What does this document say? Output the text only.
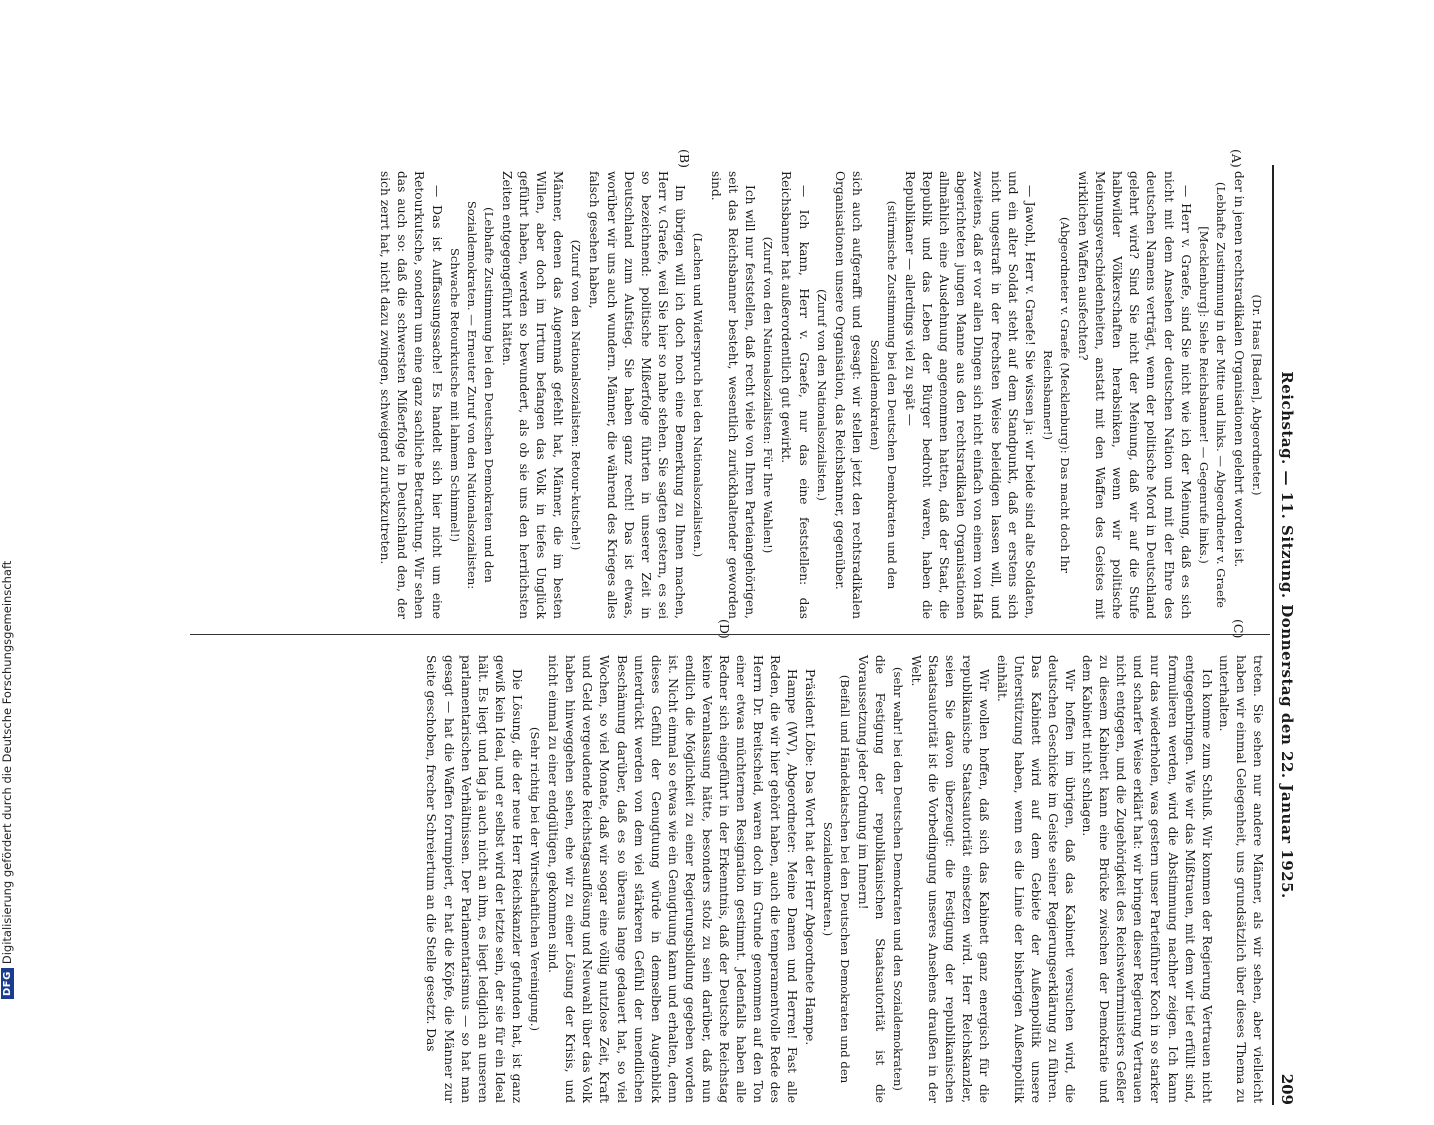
Reichstag. — 11. Sitzung. Donnerstag den 22. Januar 1925.
209
(A)
(B)
(C)
(D)

(Dr. Haas [Baden], Abgeordneter.)

der in jenen rechtsradikalen Organisationen gelehrt worden ist.

(Lebhafte Zustimmung in der Mitte und links. — Abgeordneter v. Graefe [Mecklenburg]: Siehe Reichsbanner! — Gegenrufe links.)

— Herr v. Graefe, sind Sie nicht wie ich der Meinung, daß es sich nicht mit dem Ansehen der deutschen Nation und mit der Ehre des deutschen Namens verträgt, wenn der politische Mord in Deutschland gelehrt wird? Sind Sie nicht der Meinung, daß wir auf die Stufe halbwilder Völkerschaften herabsinken, wenn wir politische Meinungsverschiedenheiten, anstatt mit den Waffen des Geistes mit wirklichen Waffen ausfechten?

(Abgeordneter v. Graefe (Mecklenburg): Das macht doch Ihr Reichsbanner!)

— Jawohl, Herr v. Graefe! Sie wissen ja: wir beide sind alte Soldaten, und ein alter Soldat steht auf dem Standpunkt, daß er erstens sich nicht ungestraft in der frechsten Weise beleidigen lassen will, und zweitens, daß er vor allen Dingen sich nicht einfach von einem von Haß abgerichteten jungen Manne aus den rechtsradikalen Organisationen allmählich eine Ausdehnung angenommen hatten, daß der Staat, die Republik und das Leben der Bürger bedroht waren, haben die Republikaner — allerdings viel zu spät —

(stürmische Zustimmung bei den Deutschen Demokraten und den Sozialdemokraten)

sich auch aufgerafft und gesagt: wir stellen jetzt den rechtsradikalen Organisationen unsere Organisation, das Reichsbanner, gegenüber.

(Zuruf von den Nationalsozialisten.)

— Ich kann, Herr v. Graefe, nur das eine feststellen: das Reichsbanner hat außerordentlich gut gewirkt.

(Zuruf von den Nationalsozialisten: Für Ihre Wahlen!)

Ich will nur feststellen, daß recht viele von Ihren Parteiangehörigen, seit das Reichsbanner besteht, wesentlich zurückhaltender geworden sind.

(Lachen und Widerspruch bei den Nationalsozialisten.)

Im übrigen will ich doch noch eine Bemerkung zu Ihnen machen, Herr v. Graefe, weil Sie hier so nahe stehen. Sie sagten gestern, es sei so bezeichnend: politische Mißerfolge führten in unserer Zeit in Deutschland zum Aufstieg. Sie haben ganz recht! Das ist etwas, worüber wir uns auch wundern. Männer, die während des Krieges alles falsch gesehen haben,

(Zuruf von den Nationalsozialisten: Retour-kutsche!)

Männer, denen das Augenmaß gefehlt hat, Männer, die im besten Willen, aber doch im Irrtum befangen das Volk in tiefes Unglück geführt haben, werden so bewundert, als ob sie uns den herrlichsten Zeiten entgegengeführt hätten.

(Lebhafte Zustimmung bei den Deutschen Demokraten und den Sozialdemokraten. — Erneuter Zuruf von den Nationalsozialisten: Schwache Retourkutsche mit lahmem Schimmel!)

— Das ist Auffassungssache! Es handelt sich hier nicht um eine Retourkutsche, sondern um eine ganz sachliche Betrachtung. Wir sehen das auch so: daß die schwersten Mißerfolge in Deutschland den, der sich zerrt hat, nicht dazu zwingen, schweigend zurückzutreten.

treten. Sie sehen nur andere Männer, als wir sehen, aber vielleicht haben wir einmal Gelegenheit, uns grundsätzlich über dieses Thema zu unterhalten.

Ich komme zum Schluß. Wir kommen der Regierung Vertrauen nicht entgegenbringen. Wie wir das Mißtrauen, mit dem wir tief erfüllt sind, formulieren werden, wird die Abstimmung nachher zeigen. Ich kann nur das wiederholen, was gestern unser Parteiführer Koch in so starker und scharfer Weise erklärt hat: wir bringen dieser Regierung Vertrauen nicht entgegen, und die Zugehörigkeit des Reichswehrministers Geßler zu diesem Kabinett kann eine Brücke zwischen der Demokratie und dem Kabinett nicht schlagen.

Wir hoffen im übrigen, daß das Kabinett versuchen wird, die deutschen Geschicke im Geiste seiner Regierungserklärung zu führen. Das Kabinett wird auf dem Gebiete der Außenpolitik unsere Unterstützung haben, wenn es die Linie der bisherigen Außenpolitik einhält.

Wir wollen hoffen, daß sich das Kabinett ganz energisch für die republikanische Staatsautorität einsetzen wird. Herr Reichskanzler, seien Sie davon überzeugt: die Festigung der republikanischen Staatsautorität ist die Vorbedingung unseres Ansehens draußen in der Welt.

(sehr wahr! bei den Deutschen Demokraten und den Sozialdemokraten)

die Festigung der republikanischen Staatsautorität ist die Voraussetzung jeder Ordnung im Innern!

(Beifall und Händeklatschen bei den Deutschen Demokraten und den Sozialdemokraten.)

Präsident Löbe: Das Wort hat der Herr Abgeordnete Hampe.

Hampe (WV), Abgeordneter: Meine Damen und Herren! Fast alle Reden, die wir hier gehört haben, auch die temperamentvolle Rede des Herrn Dr. Breitscheid, waren doch im Grunde genommen auf den Ton einer etwas müchternen Resignation gestimmt. Jedenfalls haben alle Redner sich eingeführt in der Erkenntnis, daß der Deutsche Reichstag keine Veranlassung hätte, besonders stolz zu sein darüber, daß nun endlich die Möglichkeit zu einer Regierungsbildung gegeben worden ist. Nicht einmal so etwas wie ein Genugtuung kann und erhalten, denn dieses Gefühl der Genugtuung würde in demselben Augenblick unterdrückt werden von dem viel stärkeren Gefühl der unendlichen Beschämung darüber, daß es so überaus lange gedauert hat, so viel Wochen, so viel Monate, daß wir sogar eine völlig nutzlose Zeit, Kraft und Geld vergeudende Reichstagsauflösung und Neuwahl über das Volk haben hinweggehen sehen, ehe wir zu einer Lösung der Krisis, und nicht einmal zu einer endgültigen, gekommen sind.

(Sehr richtig bei der Wirtschaftlichen Vereinigung.)

Die Lösung, die der neue Herr Reichskanzler gefunden hat, ist ganz gewiß kein Ideal, und er selbst wird der letzte sein, der sie für ein Ideal hält. Es liegt und lag ja auch nicht an ihm, es liegt lediglich an unseren parlamentarischen Verhältnissen. Der Parlamentarismus — so hat man gesagt — hat die Waffen forrumpiert, er hat die Köpfe, die Männer zur Seite geschoben, frecher Schreiertum an die Stelle gesetzt. Das

DFG
Digitalisierung gefördert durch die Deutsche Forschungsgemeinschaft
